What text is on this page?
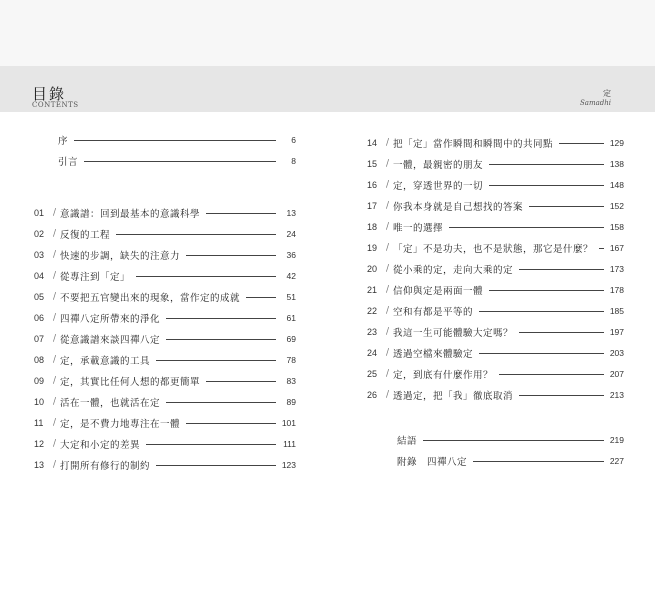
目錄
CONTENTS
定
Samadhi
序	6
引言	8
01 / 意識譜：回到最基本的意識科學	13
02 / 反復的工程	24
03 / 快速的步調，缺失的注意力	36
04 / 從專注到「定」	42
05 / 不要把五官變出來的現象，當作定的成就	51
06 / 四禪八定所帶來的淨化	61
07 / 從意識譜來談四禪八定	69
08 / 定，承載意識的工具	78
09 / 定，其實比任何人想的都更簡單	83
10 / 活在一體，也就活在定	89
11	/ 定，是不費力地專注在一體	101
12 / 大定和小定的差異	111
13 / 打開所有修行的制約	123
14 / 把「定」當作瞬間和瞬間中的共同點	129
15 / 一體，最親密的朋友	138
16 / 定，穿透世界的一切	148
17 / 你我本身就是自己想找的答案	152
18 / 唯一的選擇	158
19 / 「定」不是功夫，也不是狀態，那它是什麼？ 167
20 / 從小乘的定，走向大乘的定	173
21 / 信仰與定是兩面一體	178
22 / 空和有都是平等的	185
23 / 我這一生可能體驗大定嗎？	197
24 / 透過空檔來體驗定	203
25 / 定，到底有什麼作用？	207
26 / 透過定，把「我」徹底取消	213
結語	219
附錄　四禪八定	227
